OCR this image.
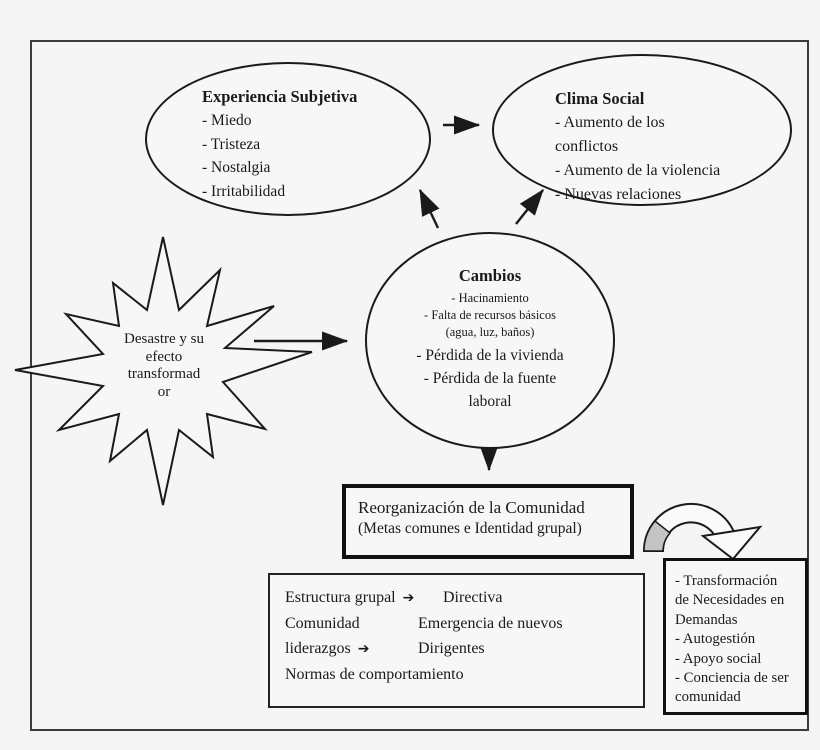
Experiencia Subjetiva
- Miedo
- Tristeza
- Nostalgia
- Irritabilidad
Clima Social
- Aumento de los
conflictos
- Aumento de la violencia
- Nuevas relaciones
Cambios
- Hacinamiento
- Falta de recursos básicos
(agua, luz, baños)
- Pérdida de la vivienda
- Pérdida de la fuente
laboral
Desastre y su
efecto
transformad
or
Reorganización de la Comunidad
(Metas comunes e Identidad grupal)
Estructura grupal ➔ Directiva
Comunidad	Emergencia de nuevos
liderazgos ➔	Dirigentes
Normas de comportamiento
- Transformación
de Necesidades en
Demandas
- Autogestión
- Apoyo social
- Conciencia de ser
comunidad
